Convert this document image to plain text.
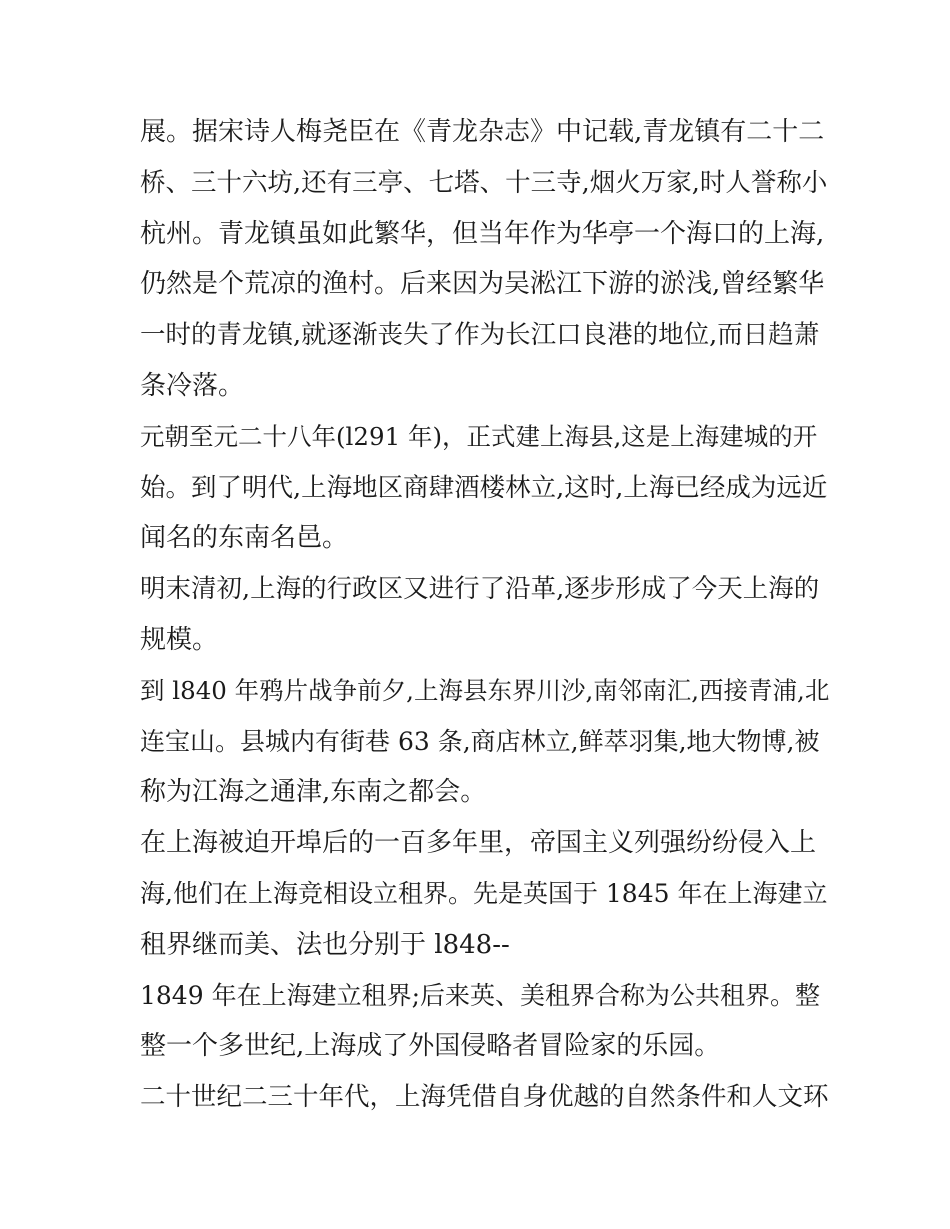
展。据宋诗人梅尧臣在《青龙杂志》中记载,青龙镇有二十二
桥、三十六坊,还有三亭、七塔、十三寺,烟火万家,时人誉称小
杭州。青龙镇虽如此繁华，但当年作为华亭一个海口的上海,
仍然是个荒凉的渔村。后来因为吴淞江下游的淤浅,曾经繁华
一时的青龙镇,就逐渐丧失了作为长江口良港的地位,而日趋萧
条冷落。
元朝至元二十八年(l291 年)，正式建上海县,这是上海建城的开
始。到了明代,上海地区商肆酒楼林立,这时,上海已经成为远近
闻名的东南名邑。
明末清初,上海的行政区又进行了沿革,逐步形成了今天上海的
规模。
到 l840 年鸦片战争前夕,上海县东界川沙,南邻南汇,西接青浦,北
连宝山。县城内有街巷 63 条,商店林立,鲜萃羽集,地大物博,被
称为江海之通津,东南之都会。
在上海被迫开埠后的一百多年里，帝国主义列强纷纷侵入上
海,他们在上海竞相设立租界。先是英国于 1845 年在上海建立
租界继而美、法也分别于 l848--
1849 年在上海建立租界;后来英、美租界合称为公共租界。整
整一个多世纪,上海成了外国侵略者冒险家的乐园。
二十世纪二三十年代，上海凭借自身优越的自然条件和人文环
